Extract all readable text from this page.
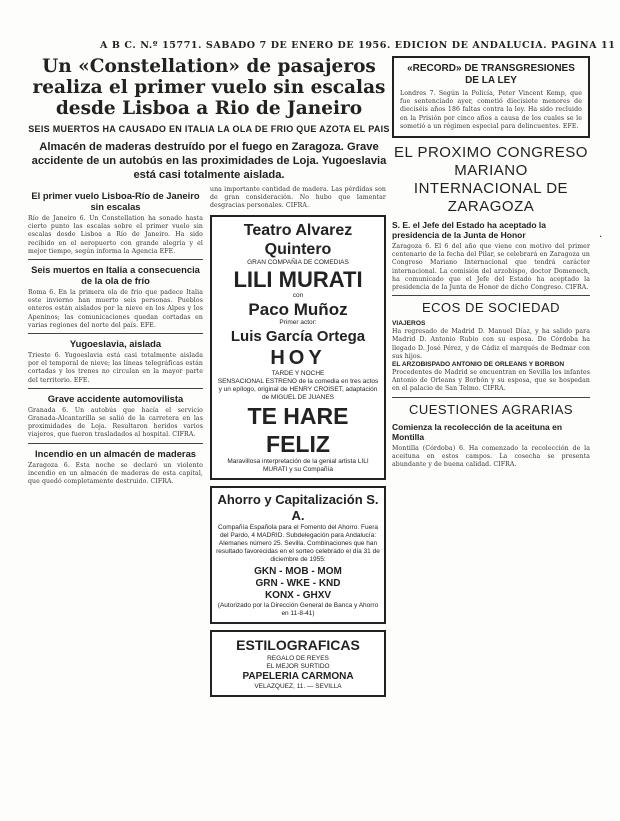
A B C. N.º 15771. SABADO 7 DE ENERO DE 1956. EDICION DE ANDALUCIA. PAGINA 11
Un «Constellation» de pasajeros realiza el primer vuelo sin escalas desde Lisboa a Rio de Janeiro
SEIS MUERTOS HA CAUSADO EN ITALIA LA OLA DE FRIO QUE AZOTA EL PAIS
Almacén de maderas destruído por el fuego en Zaragoza. Grave accidente de un autobús en las proximidades de Loja. Yugoeslavia está casi totalmente aislada.
El primer vuelo Lisboa-Río de Janeiro sin escalas
Río de Janeiro 6. Un Constellation ha sonado hasta cierto punto las escalas sobre el primer vuelo sin escalas desde Lisboa a Río de Janeiro. Ha sido recibido en el aeropuerto con grande alegría y el mejor tiempo, según informa la Agencia EFE.
Seis muertos en Italia a consecuencia de la ola de frío
Roma 6. En la primera ola de frío que padece Italia este invierno han muerto seis personas. Pueblos enteros están aislados por la nieve en los Alpes y los Apeninos; las comunicaciones quedan cortadas en varias regiones del norte del país. EFE.
Yugoeslavia, aislada
Trieste 6. Yugoeslavia está casi totalmente aislada por el temporal de nieve; las líneas telegráficas están cortadas y los trenes no circulan en la mayor parte del territorio. EFE.
Grave accidente automovilista
Granada 6. Un autobús que hacía el servicio Granada-Alcantarilla se salió de la carretera en las proximidades de Loja. Resultaron heridos varios viajeros, que fueron trasladados al hospital. CIFRA.
Incendio en un almacén de maderas
Zaragoza 6. Esta noche se declaró un violento incendio en un almacén de maderas de esta capital, que quedó completamente destruido. CIFRA.
una importante cantidad de madera. Las pérdidas son de gran consideración. No hubo que lamentar desgracias personales. CIFRA.
Teatro Alvarez Quintero
GRAN COMPAÑIA DE COMEDIAS
LILI MURATI
con
Paco Muñoz
Primer actor:
Luis García Ortega
HOY
TARDE Y NOCHE
SENSACIONAL ESTRENO de la comedia en tres actos y un epílogo, original de HENRY CROISET, adaptación de MIGUEL DE JUANES
TE HARE FELIZ
Maravillosa interpretación de la genial artista LILI MURATI y su Compañía
Ahorro y Capitalización S. A.
Compañía Española para el Fomento del Ahorro. Fuera del Pardo, 4 MADRID. Subdelegación para Andalucía: Alemanes número 25. Sevilla. Combinaciones que han resultado favorecidas en el sorteo celebrado el día 31 de diciembre de 1955:
GKN - MOB - MOM
GRN - WKE - KND
KONX - GHXV
(Autorizado por la Dirección General de Banca y Ahorro en 11-8-41)
ESTILOGRAFICAS
REGALO DE REYES
EL MEJOR SURTIDO
PAPELERIA CARMONA
VELAZQUEZ, 11. — SEVILLA
«RECORD» DE TRANSGRESIONES DE LA LEY
Londres 7. Según la Policía, Peter Vincent Kemp, que fue sentenciado ayer, cometió diecisiete menores de dieciséis años 186 faltas contra la ley. Ha sido recluido en la Prisión por cinco años a causa de los cuales se le sometió a un régimen especial para delincuentes. EFE.
EL PROXIMO CONGRESO MARIANO INTERNACIONAL DE ZARAGOZA
S. E. el Jefe del Estado ha aceptado la presidencia de la Junta de Honor
Zaragoza 6. El 6 del año que viene con motivo del primer centenario de la fecha del Pilar, se celebrará en Zaragoza un Congreso Mariano Internacional que tendrá carácter internacional. La comisión del arzobispo, doctor Domenech, ha comunicado que el Jefe del Estado ha aceptado la presidencia de la Junta de Honor de dicho Congreso. CIFRA.
ECOS DE SOCIEDAD
VIAJEROS
Ha regresado de Madrid D. Manuel Díaz, y ha salido para Madrid D. Antonio Rubio con su esposa. De Córdoba ha llegado D. José Pérez, y de Cádiz el marqués de Bedmar con sus hijos.
EL ARZOBISPADO ANTONIO DE ORLEANS Y BORBON
Procedentes de Madrid se encuentran en Sevilla los infantes Antonio de Orleans y Borbón y su esposa, que se hospedan en el palacio de San Telmo. CIFRA.
CUESTIONES AGRARIAS
Comienza la recolección de la aceituna en Montilla
Montilla (Córdoba) 6. Ha comenzado la recolección de la aceituna en estos campos. La cosecha se presenta abundante y de buena calidad. CIFRA.
·
